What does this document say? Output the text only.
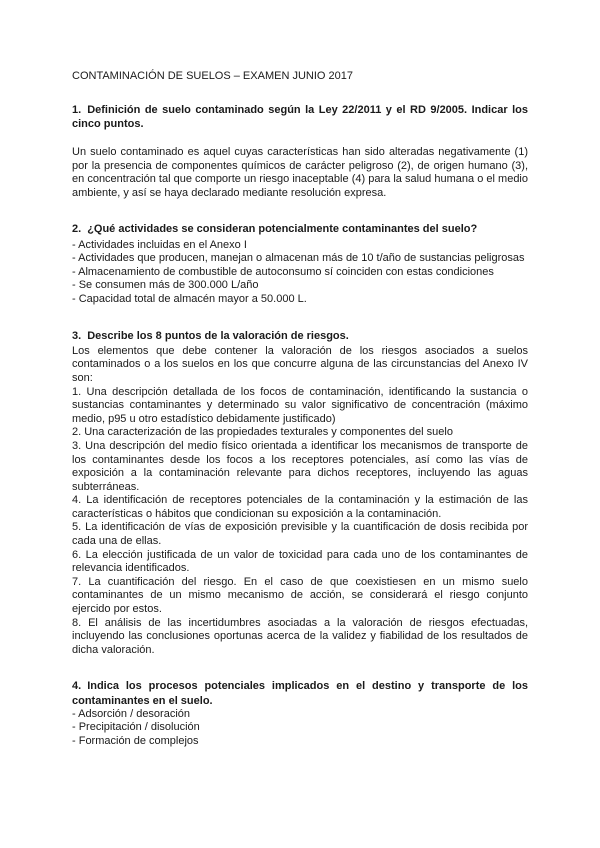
CONTAMINACIÓN DE SUELOS – EXAMEN JUNIO 2017
1. Definición de suelo contaminado según la Ley 22/2011 y el RD 9/2005. Indicar los cinco puntos.

Un suelo contaminado es aquel cuyas características han sido alteradas negativamente (1) por la presencia de componentes químicos de carácter peligroso (2), de origen humano (3), en concentración tal que comporte un riesgo inaceptable (4) para la salud humana o el medio ambiente, y así se haya declarado mediante resolución expresa.

2. ¿Qué actividades se consideran potencialmente contaminantes del suelo?

- Actividades incluidas en el Anexo I

- Actividades que producen, manejan o almacenan más de 10 t/año de sustancias peligrosas

- Almacenamiento de combustible de autoconsumo sí coinciden con estas condiciones

- Se consumen más de 300.000 L/año

- Capacidad total de almacén mayor a 50.000 L.

3. Describe los 8 puntos de la valoración de riesgos.

Los elementos que debe contener la valoración de los riesgos asociados a suelos contaminados o a los suelos en los que concurre alguna de las circunstancias del Anexo IV son:

1. Una descripción detallada de los focos de contaminación, identificando la sustancia o sustancias contaminantes y determinado su valor significativo de concentración (máximo medio, p95 u otro estadístico debidamente justificado)

2. Una caracterización de las propiedades texturales y componentes del suelo

3. Una descripción del medio físico orientada a identificar los mecanismos de transporte de los contaminantes desde los focos a los receptores potenciales, así como las vías de exposición a la contaminación relevante para dichos receptores, incluyendo las aguas subterráneas.

4. La identificación de receptores potenciales de la contaminación y la estimación de las características o hábitos que condicionan su exposición a la contaminación.

5. La identificación de vías de exposición previsible y la cuantificación de dosis recibida por cada una de ellas.

6. La elección justificada de un valor de toxicidad para cada uno de los contaminantes de relevancia identificados.

7. La cuantificación del riesgo. En el caso de que coexistiesen en un mismo suelo contaminantes de un mismo mecanismo de acción, se considerará el riesgo conjunto ejercido por estos.

8. El análisis de las incertidumbres asociadas a la valoración de riesgos efectuadas, incluyendo las conclusiones oportunas acerca de la validez y fiabilidad de los resultados de dicha valoración.

4. Indica los procesos potenciales implicados en el destino y transporte de los contaminantes en el suelo.

- Adsorción / desoración

- Precipitación / disolución

- Formación de complejos
